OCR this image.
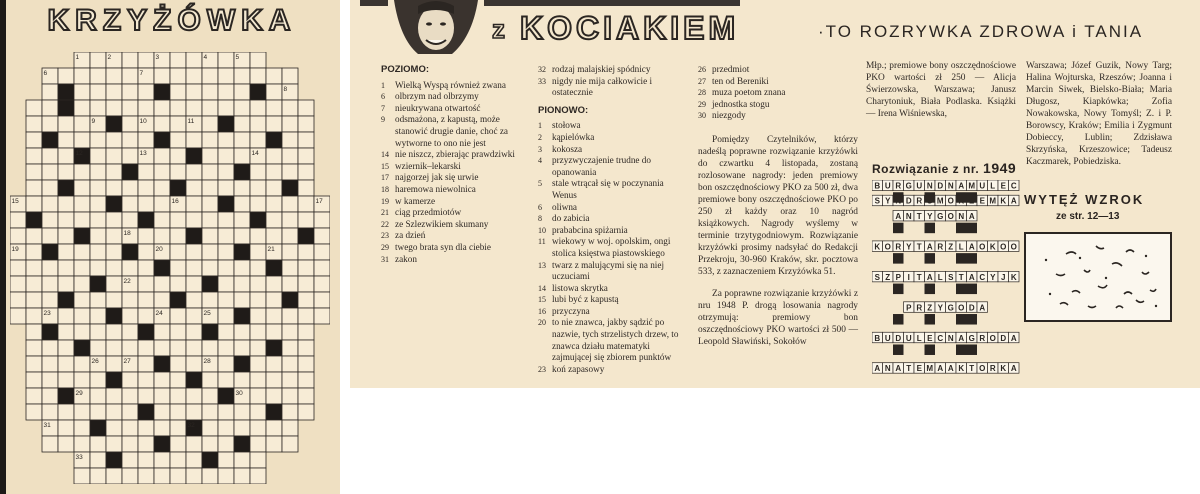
KRZYŻÓWKA
1	2	3	4	5
6	7
8
9	10	11
12	13	14
15	16	17
18
19	20	21
22
23	24	25
26	27	28
29	30
31	32
33
z KOCIAKIEM	·TO ROZRYWKA ZDROWA i TANIA
POZIOMO:
1	Wielką Wyspą również zwana
6	olbrzym nad olbrzymy
7	nieukrywana otwartość
9	odsmażona, z kapustą, może stanowić drugie danie, choć za wytworne to ono nie jest
14 nie niszcz, zbierając prawdziwki
15 wziernik–lekarski
17 najgorzej jak się urwie
18 haremowa niewolnica
19 w kamerze
21 ciąg przedmiotów
22 ze Szlezwikiem skumany
23 za dzień
29 twego brata syn dla ciebie
31 zakon
32 rodzaj malajskiej spódnicy
33 nigdy nie mija całkowicie i ostatecznie
PIONOWO:
1	stołowa
2	kąpielówka
3	kokosza
4	przyzwyczajenie trudne do opanowania
5	stale wtrącał się w poczynania Wenus
6	oliwna
8	do zabicia
10 prababcina spiżarnia
11 wiekowy w woj. opolskim, ongi stolica księstwa piastowskiego
13 twarz z malującymi się na niej uczuciami
14 listowa skrytka
15 lubi być z kapustą
16 przyczyna
20 to nie znawca, jakby sądzić po nazwie, tych strzelistych drzew, to znawca działu matematyki zajmującej się zbiorem punktów
23 koń zapasowy
26 przedmiot
27 ten od Bereniki
28 muza poetom znana
29 jednostka stogu
30 niezgody

Pomiędzy Czytelników, którzy nadeślą poprawne rozwiązanie krzyżówki do czwartku 4 listopada, zostaną rozlosowane nagrody: jeden premiowy bon oszczędnościowy PKO za 500 zł, dwa premiowe bony oszczędnościowe PKO po 250 zł każdy oraz 10 nagród książkowych. Nagrody wyślemy w terminie trzytygodniowym. Rozwiązanie krzyżówki prosimy nadsyłać do Redakcji Przekroju, 30-960 Kraków, skr. pocztowa 533, z zaznaczeniem Krzyżówka 51.

Za poprawne rozwiązanie krzyżówki z nru 1948 P. drogą losowania nagrody otrzymują: premiowy bon oszczędnościowy PKO wartości zł 500 — Leopold Sławiński, Sokołów

Młp.; premiowe bony oszczędnościowe PKO wartości zł 250 — Alicja Świerzowska, Warszawa; Janusz Charytoniuk, Biała Podlaska. Książki — Irena Wiśniewska,

Rozwiązanie z nr. 1949
B U R G U N D N A M U L E C
S Y D R M O	E M K A
A N T Y G O N A
K O R Y T A R Z L A O K O O
S Z P I T A L S T A C Y J K
P R Z Y G O D A
B U D U L E C N A G R O D A
A N A T E M A A K T O R K A

Warszawa; Józef Guzik, Nowy Targ; Halina Wojturska, Rzeszów; Joanna i Marcin Siwek, Bielsko-Biała; Maria Długosz, Kiapkówka; Zofia Nowakowska, Nowy Tomyśl; Z. i P. Borowscy, Kraków; Emilia i Zygmunt Dobieccy, Lublin; Zdzisława Skrzyńska, Krzeszowice; Tadeusz Kaczmarek, Pobiedziska.

WYTĘŻ WZROK
ze str. 12—13
